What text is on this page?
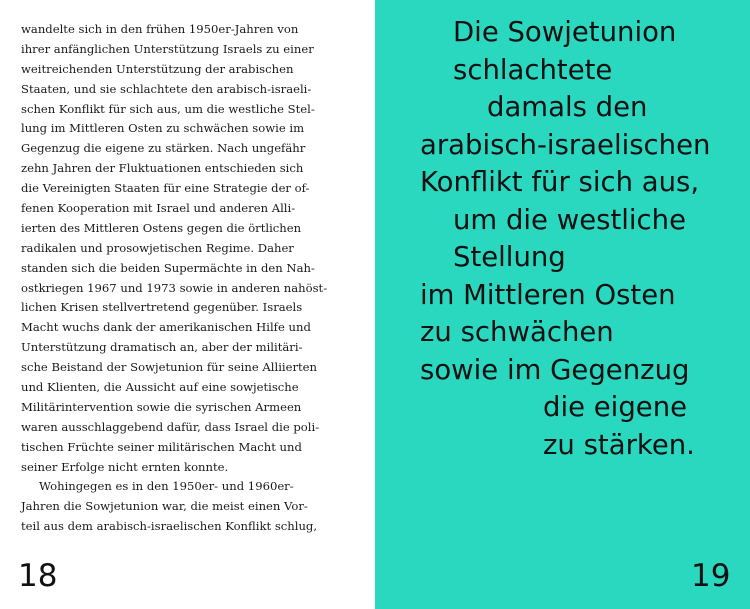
wandelte sich in den frühen 1950er-Jahren von
ihrer anfänglichen Unterstützung Israels zu einer
weitreichenden Unterstützung der arabischen
Staaten, und sie schlachtete den arabisch-israeli-
schen Konflikt für sich aus, um die westliche Stel-
lung im Mittleren Osten zu schwächen sowie im
Gegenzug die eigene zu stärken. Nach ungefähr
zehn Jahren der Fluktuationen entschieden sich
die Vereinigten Staaten für eine Strategie der of-
fenen Kooperation mit Israel und anderen Alli-
ierten des Mittleren Ostens gegen die örtlichen
radikalen und prosowjetischen Regime. Daher
standen sich die beiden Supermächte in den Nah-
ostkriegen 1967 und 1973 sowie in anderen nahöst-
lichen Krisen stellvertretend gegenüber. Israels
Macht wuchs dank der amerikanischen Hilfe und
Unterstützung dramatisch an, aber der militäri-
sche Beistand der Sowjetunion für seine Alliierten
und Klienten, die Aussicht auf eine sowjetische
Militärintervention sowie die syrischen Armeen
waren ausschlaggebend dafür, dass Israel die poli-
tischen Früchte seiner militärischen Macht und
seiner Erfolge nicht ernten konnte.
Wohingegen es in den 1950er- und 1960er-
Jahren die Sowjetunion war, die meist einen Vor-
teil aus dem arabisch-israelischen Konflikt schlug,
18
Die Sowjetunion
schlachtete
damals den
arabisch-israelischen
Konflikt für sich aus,
um die westliche
Stellung
im Mittleren Osten
zu schwächen
sowie im Gegenzug
die eigene
zu stärken.
19
